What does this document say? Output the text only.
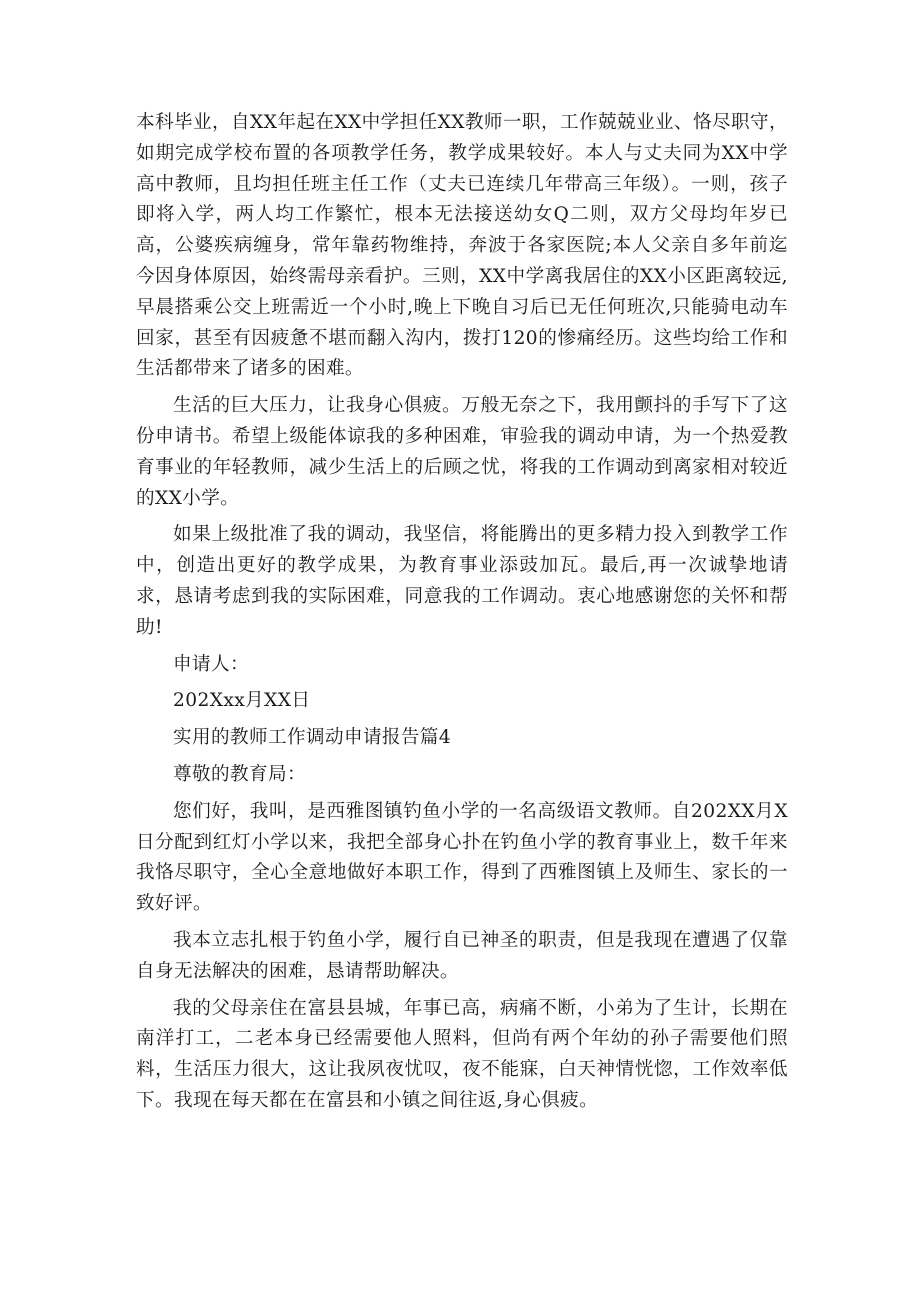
本科毕业，自XX年起在XX中学担任XX教师一职，工作兢兢业业、恪尽职守，如期完成学校布置的各项教学任务，教学成果较好。本人与丈夫同为XX中学高中教师，且均担任班主任工作（丈夫已连续几年带高三年级）。一则，孩子即将入学，两人均工作繁忙，根本无法接送幼女Q二则，双方父母均年岁已高，公婆疾病缠身，常年靠药物维持，奔波于各家医院;本人父亲自多年前迄今因身体原因，始终需母亲看护。三则，XX中学离我居住的XX小区距离较远,早晨搭乘公交上班需近一个小时,晚上下晚自习后已无任何班次,只能骑电动车回家，甚至有因疲惫不堪而翻入沟内，拨打120的惨痛经历。这些均给工作和生活都带来了诸多的困难。

生活的巨大压力，让我身心俱疲。万般无奈之下，我用颤抖的手写下了这份申请书。希望上级能体谅我的多种困难，审验我的调动申请，为一个热爱教育事业的年轻教师，减少生活上的后顾之忧，将我的工作调动到离家相对较近的XX小学。

如果上级批准了我的调动，我坚信，将能腾出的更多精力投入到教学工作中，创造出更好的教学成果，为教育事业添豉加瓦。最后,再一次诚挚地请求，恳请考虑到我的实际困难，同意我的工作调动。衷心地感谢您的关怀和帮助!

申请人：

202Xxx月XX日

实用的教师工作调动申请报告篇4

尊敬的教育局：

您们好，我叫，是西雅图镇钓鱼小学的一名高级语文教师。自202XX月X日分配到红灯小学以来，我把全部身心扑在钓鱼小学的教育事业上，数千年来我恪尽职守，全心全意地做好本职工作，得到了西雅图镇上及师生、家长的一致好评。

我本立志扎根于钓鱼小学，履行自已神圣的职责，但是我现在遭遇了仅靠自身无法解决的困难，恳请帮助解决。

我的父母亲住在富县县城，年事已高，病痛不断，小弟为了生计，长期在南洋打工，二老本身已经需要他人照料，但尚有两个年幼的孙子需要他们照料，生活压力很大，这让我夙夜忧叹，夜不能寐，白天神情恍惚，工作效率低下。我现在每天都在在富县和小镇之间往返,身心俱疲。
